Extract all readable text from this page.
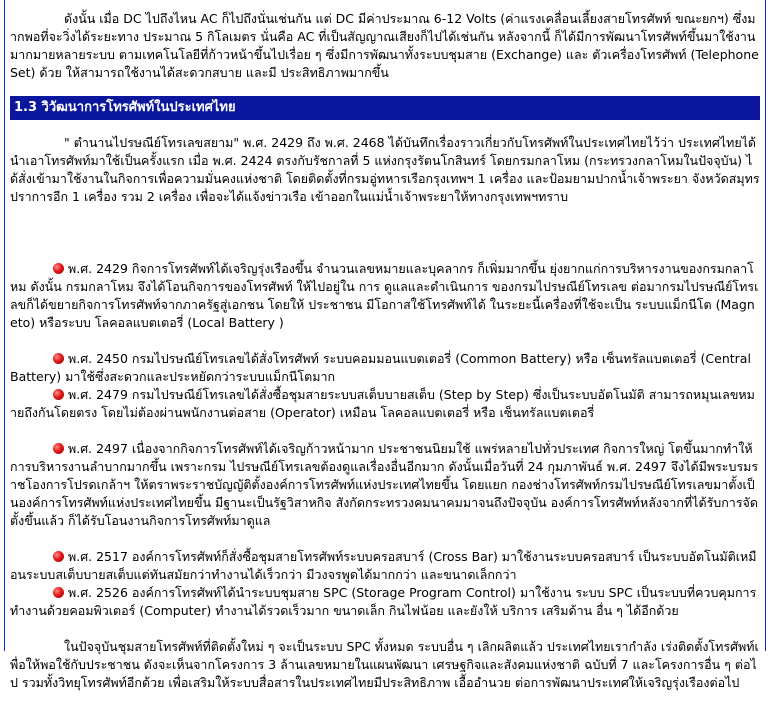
ดังนั้น เมื่อ DC ไปถึงไหน AC ก็ไปถึงนั่นเช่นกัน แต่ DC มีค่าประมาณ 6-12 Volts (ค่าแรงเคลื่อนเลี้ยงสายโทรศัพท์ ขณะยกฯ) ซึ่งมากพอที่จะวิ่งได้ระยะทาง ประมาณ 5 กิโลเมตร นั่นคือ AC ที่เป็นสัญญาณเสียงก็ไปได้เช่นกัน หลังจากนี้ ก็ได้มีการพัฒนาโทรศัพท์ขึ้นมาใช้งานมากมายหลายระบบ ตามเทคโนโลยีที่ก้าวหน้าขึ้นไปเรื่อย ๆ ซึ่งมีการพัฒนาทั้งระบบชุมสาย (Exchange) และ ตัวเครื่องโทรศัพท์ (Telephone Set) ด้วย ให้สามารถใช้งานได้สะดวกสบาย และมี ประสิทธิภาพมากขึ้น

1.3 วิวัฒนาการโทรศัพท์ในประเทศไทย

" ตำนานไปรษณีย์โทรเลขสยาม" พ.ศ. 2429 ถึง พ.ศ. 2468 ได้บันทึกเรื่องราวเกี่ยวกับโทรศัพท์ในประเทศไทยไว้ว่า ประเทศไทยได้นำเอาโทรศัพท์มาใช้เป็นครั้งแรก เมื่อ พ.ศ. 2424 ตรงกับรัชกาลที่ 5 แห่งกรุงรัตนโกสินทร์ โดยกรมกลาโหม (กระทรวงกลาโหมในปัจจุบัน) ได้สั่งเข้ามาใช้งานในกิจการเพื่อความมั่นคงแห่งชาติ โดยติดตั้งที่กรมอู่ทหารเรือกรุงเทพฯ 1 เครื่อง และป้อมยามปากน้ำเจ้าพระยา จังหวัดสมุทรปราการอีก 1 เครื่อง รวม 2 เครื่อง เพื่อจะได้แจ้งข่าวเรือ เข้าออกในแม่น้ำเจ้าพระยาให้ทางกรุงเทพฯทราบ

พ.ศ. 2429 กิจการโทรศัพท์ได้เจริญรุ่งเรืองขึ้น จำนวนเลขหมายและบุคลากร ก็เพิ่มมากขึ้น ยุ่งยากแก่การบริหารงานของกรมกลาโหม ดังนั้น กรมกลาโหม จึงได้โอนกิจการของโทรศัพท์ ให้ไปอยู่ใน การ ดูแลและดำเนินการ ของกรมไปรษณีย์โทรเลข ต่อมากรมไปรษณีย์โทรเลขก็ได้ขยายกิจการโทรศัพท์จากภาครัฐสู่เอกชน โดยให้ ประชาชน มีโอกาสใช้โทรศัพท์ได้ ในระยะนี้เครื่องที่ใช้จะเป็น ระบบแม็กนีโต (Magneto) หรือระบบ โลคอลแบตเตอรี่ (Local Battery )

พ.ศ. 2450 กรมไปรษณีย์โทรเลขได้สั่งโทรศัพท์ ระบบคอมมอนแบตเตอรี่ (Common Battery) หรือ เซ็นทรัลแบตเตอรี่ (Central Battery) มาใช้ซึ่งสะดวกและประหยัดกว่าระบบแม็กนีโตมาก

พ.ศ. 2479 กรมไปรษณีย์โทรเลขได้สั่งซื้อชุมสายระบบสเต็บบายสเต็บ (Step by Step) ซึ่งเป็นระบบอัตโนมัติ สามารถหมุนเลขหมายถึงกันโดยตรง โดยไม่ต้องผ่านพนักงานต่อสาย (Operator) เหมือน โลคอลแบตเตอรี่ หรือ เซ็นทรัลแบตเตอรี่

พ.ศ. 2497 เนื่องจากกิจการโทรศัพท์ได้เจริญก้าวหน้ามาก ประชาชนนิยมใช้ แพร่หลายไปทั่วประเทศ กิจการใหญ่ โตขึ้นมากทำให้การบริหารงานลำบากมากขึ้น เพราะกรม ไปรษณีย์โทรเลขต้องดูแลเรื่องอื่นอีกมาก ดังนั้นเมื่อวันที่ 24 กุมภาพันธ์ พ.ศ. 2497 จึงได้มีพระบรมราชโองการโปรดเกล้าฯ ให้ตราพระราชบัญญัติตั้งองค์การโทรศัพท์แห่งประเทศไทยขึ้น โดยแยก กองช่างโทรศัพท์กรมไปรษณีย์โทรเลขมาตั้งเป็นองค์การโทรศัพท์แห่งประเทศไทยขึ้น มีฐานะเป็นรัฐวิสาหกิจ สังกัดกระทรวงคมนาคมมาจนถึงปัจจุบัน องค์การโทรศัพท์หลังจากที่ได้รับการจัดตั้งขึ้นแล้ว ก็ได้รับโอนงานกิจการโทรศัพท์มาดูแล

พ.ศ. 2517 องค์การโทรศัพท์ก็สั่งซื้อชุมสายโทรศัพท์ระบบครอสบาร์ (Cross Bar) มาใช้งานระบบครอสบาร์ เป็นระบบอัตโนมัติเหมือนระบบสเต็บบายสเต็บแต่ทันสมัยกว่าทำงานได้เร็วกว่า มีวงจรพูดได้มากกว่า และขนาดเล็กกว่า

พ.ศ. 2526 องค์การโทรศัพท์ได้นำระบบชุมสาย SPC (Storage Program Control) มาใช้งาน ระบบ SPC เป็นระบบที่ควบคุมการทำงานด้วยคอมพิวเตอร์ (Computer) ทำงานได้รวดเร็วมาก ขนาดเล็ก กินไฟน้อย และยังให้ บริการ เสริมด้าน อื่น ๆ ได้อีกด้วย

ในปัจจุบันชุมสายโทรศัพท์ที่ติดตั้งใหม่ ๆ จะเป็นระบบ SPC ทั้งหมด ระบบอื่น ๆ เลิกผลิตแล้ว ประเทศไทยเรากำลัง เร่งติดตั้งโทรศัพท์เพื่อให้พอใช้กับประชาชน ดังจะเห็นจากโครงการ 3 ล้านเลขหมายในแผนพัฒนา เศรษฐกิจและสังคมแห่งชาติ ฉบับที่ 7 และโครงการอื่น ๆ ต่อไป รวมทั้งวิทยุโทรศัพท์อีกด้วย เพื่อเสริมให้ระบบสื่อสารในประเทศไทยมีประสิทธิภาพ เอื้ออำนวย ต่อการพัฒนาประเทศให้เจริญรุ่งเรืองต่อไป
